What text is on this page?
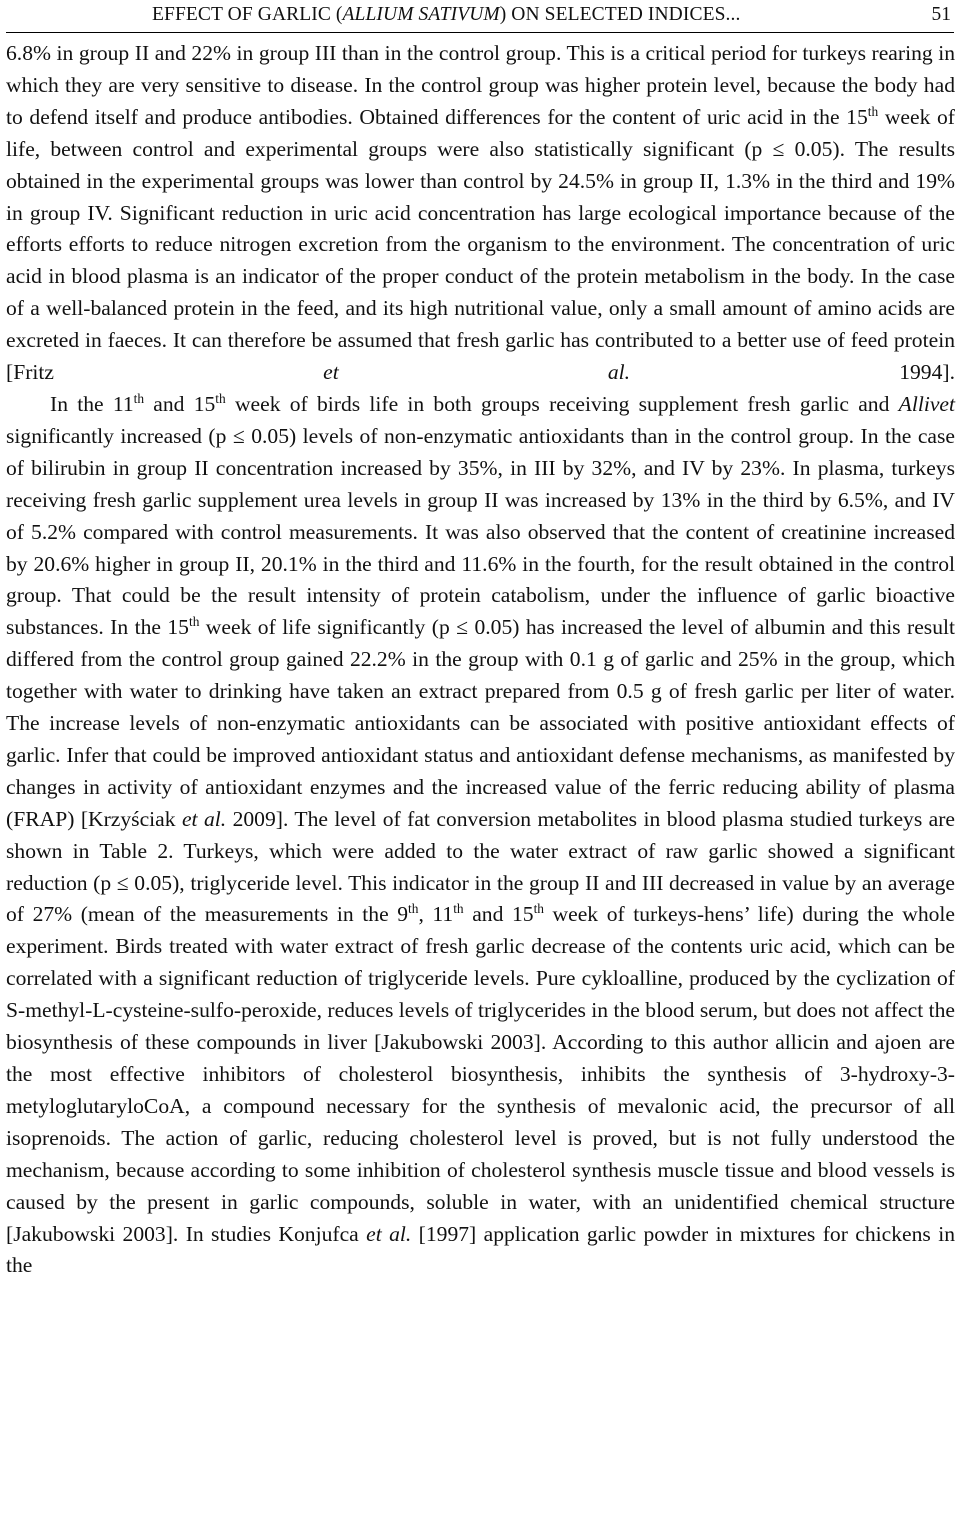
EFFECT OF GARLIC (ALLIUM SATIVUM) ON SELECTED INDICES...	51

6.8% in group II and 22% in group III than in the control group. This is a critical period for turkeys rearing in which they are very sensitive to disease. In the control group was higher protein level, because the body had to defend itself and produce antibodies. Obtained differences for the content of uric acid in the 15th week of life, between control and experimental groups were also statistically significant (p ≤ 0.05). The results obtained in the experimental groups was lower than control by 24.5% in group II, 1.3% in the third and 19% in group IV. Significant reduction in uric acid concentration has large ecological importance because of the efforts efforts to reduce nitrogen excretion from the organism to the environment. The concentration of uric acid in blood plasma is an indicator of the proper conduct of the protein metabolism in the body. In the case of a well-balanced protein in the feed, and its high nutritional value, only a small amount of amino acids are excreted in faeces. It can therefore be assumed that fresh garlic has contributed to a better use of feed protein [Fritz et al. 1994].

In the 11th and 15th week of birds life in both groups receiving supplement fresh garlic and Allivet significantly increased (p ≤ 0.05) levels of non-enzymatic antioxidants than in the control group. In the case of bilirubin in group II concentration increased by 35%, in III by 32%, and IV by 23%. In plasma, turkeys receiving fresh garlic supplement urea levels in group II was increased by 13% in the third by 6.5%, and IV of 5.2% compared with control measurements. It was also observed that the content of creatinine increased by 20.6% higher in group II, 20.1% in the third and 11.6% in the fourth, for the result obtained in the control group. That could be the result intensity of protein catabolism, under the influence of garlic bioactive substances. In the 15th week of life significantly (p ≤ 0.05) has increased the level of albumin and this result differed from the control group gained 22.2% in the group with 0.1 g of garlic and 25% in the group, which together with water to drinking have taken an extract prepared from 0.5 g of fresh garlic per liter of water. The increase levels of non-enzymatic antioxidants can be associated with positive antioxidant effects of garlic. Infer that could be improved antioxidant status and antioxidant defense mechanisms, as manifested by changes in activity of antioxidant enzymes and the increased value of the ferric reducing ability of plasma (FRAP) [Krzyściak et al. 2009]. The level of fat conversion metabolites in blood plasma studied turkeys are shown in Table 2. Turkeys, which were added to the water extract of raw garlic showed a significant reduction (p ≤ 0.05), triglyceride level. This indicator in the group II and III decreased in value by an average of 27% (mean of the measurements in the 9th, 11th and 15th week of turkeys-hens’ life) during the whole experiment. Birds treated with water extract of fresh garlic decrease of the contents uric acid, which can be correlated with a significant reduction of triglyceride levels. Pure cykloalline, produced by the cyclization of S-methyl-L-cysteine-sulfo-peroxide, reduces levels of triglycerides in the blood serum, but does not affect the biosynthesis of these compounds in liver [Jakubowski 2003]. According to this author allicin and ajoen are the most effective inhibitors of cholesterol biosynthesis, inhibits the synthesis of 3-hydroxy-3-metyloglutaryloCoA, a compound necessary for the synthesis of mevalonic acid, the precursor of all isoprenoids. The action of garlic, reducing cholesterol level is proved, but is not fully understood the mechanism, because according to some inhibition of cholesterol synthesis muscle tissue and blood vessels is caused by the present in garlic compounds, soluble in water, with an unidentified chemical structure [Jakubowski 2003]. In studies Konjufca et al. [1997] application garlic powder in mixtures for chickens in the
